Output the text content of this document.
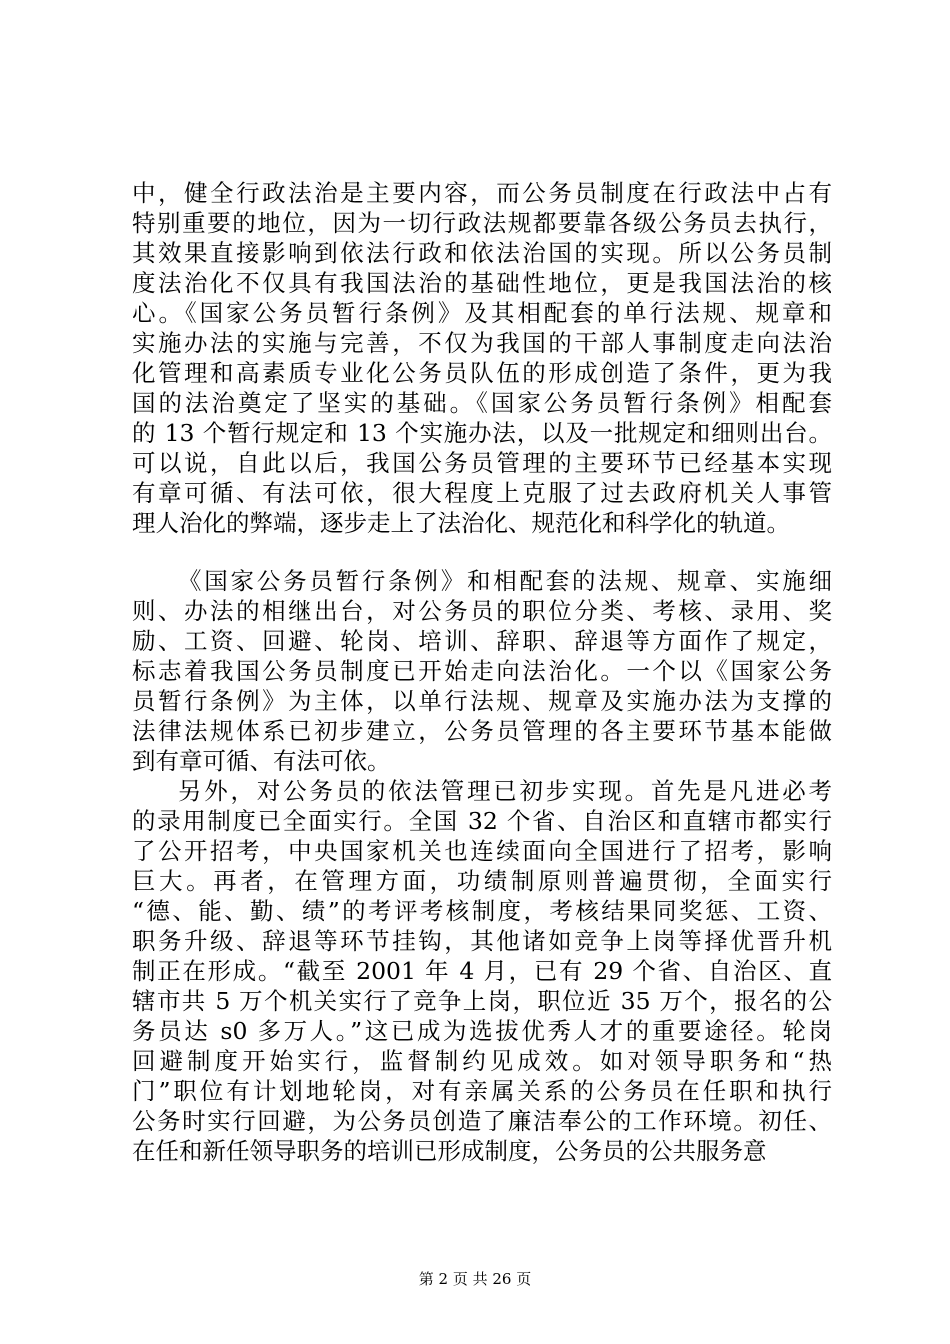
中，健全行政法治是主要内容，而公务员制度在行政法中占有
特别重要的地位，因为一切行政法规都要靠各级公务员去执行，
其效果直接影响到依法行政和依法治国的实现。所以公务员制
度法治化不仅具有我国法治的基础性地位，更是我国法治的核
心。《国家公务员暂行条例》及其相配套的单行法规、规章和
实施办法的实施与完善，不仅为我国的干部人事制度走向法治
化管理和高素质专业化公务员队伍的形成创造了条件，更为我
国的法治奠定了坚实的基础。《国家公务员暂行条例》相配套
的 13 个暂行规定和 13 个实施办法，以及一批规定和细则出台。
可以说，自此以后，我国公务员管理的主要环节已经基本实现
有章可循、有法可依，很大程度上克服了过去政府机关人事管
理人治化的弊端，逐步走上了法治化、规范化和科学化的轨道。
《国家公务员暂行条例》和相配套的法规、规章、实施细
则、办法的相继出台，对公务员的职位分类、考核、录用、奖
励、工资、回避、轮岗、培训、辞职、辞退等方面作了规定，
标志着我国公务员制度已开始走向法治化。一个以《国家公务
员暂行条例》为主体，以单行法规、规章及实施办法为支撑的
法律法规体系已初步建立，公务员管理的各主要环节基本能做
到有章可循、有法可依。
另外，对公务员的依法管理已初步实现。首先是凡进必考
的录用制度已全面实行。全国 32 个省、自治区和直辖市都实行
了公开招考，中央国家机关也连续面向全国进行了招考，影响
巨大。再者，在管理方面，功绩制原则普遍贯彻，全面实行
“德、能、勤、绩”的考评考核制度，考核结果同奖惩、工资、
职务升级、辞退等环节挂钩，其他诸如竞争上岗等择优晋升机
制正在形成。“截至 2001 年 4 月，已有 29 个省、自治区、直
辖市共 5 万个机关实行了竞争上岗，职位近 35 万个，报名的公
务员达 s0 多万人。”这已成为选拔优秀人才的重要途径。轮岗
回避制度开始实行，监督制约见成效。如对领导职务和“热
门”职位有计划地轮岗，对有亲属关系的公务员在任职和执行
公务时实行回避，为公务员创造了廉洁奉公的工作环境。初任、
在任和新任领导职务的培训已形成制度，公务员的公共服务意
第 2 页 共 26 页
